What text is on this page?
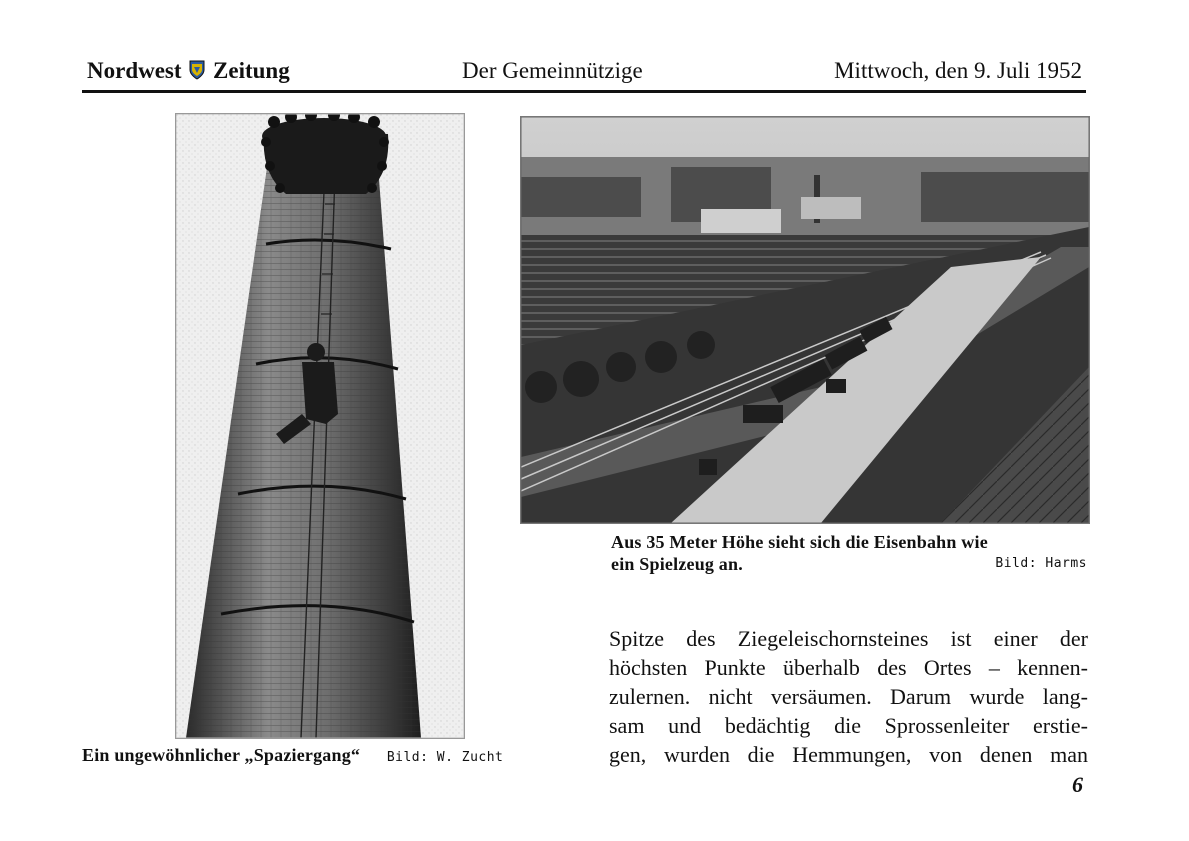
Nordwest Zeitung	Der Gemeinnützige	Mittwoch, den 9. Juli 1952
Aus 35 Meter Höhe sieht sich die Eisenbahn wie
ein Spielzeug an.	Bild: Harms
Ein ungewöhnlicher „Spaziergang“ Bild: W. Zucht
Spitze des Ziegeleischornsteines ist einer der
höchsten Punkte überhalb des Ortes – kennen-
zulernen. nicht versäumen. Darum wurde lang-
sam und bedächtig die Sprossenleiter erstie-
gen, wurden die Hemmungen, von denen man
6
